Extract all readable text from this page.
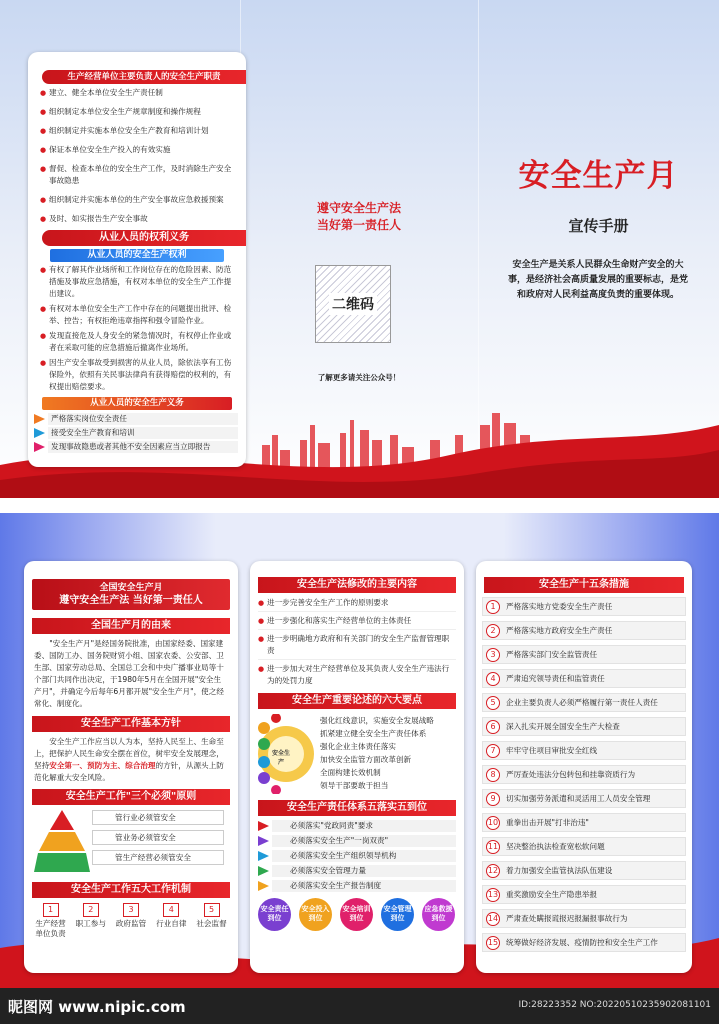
生产经营单位主要负责人的安全生产职责
● 建立、健全本单位安全生产责任制
● 组织制定本单位安全生产规章制度和操作规程
● 组织制定并实施本单位安全生产教育和培训计划
● 保证本单位安全生产投入的有效实施
● 督促、检查本单位的安全生产工作，及时消除生产安全事故隐患
● 组织制定并实施本单位的生产安全事故应急救援预案
● 及时、如实报告生产安全事故
从业人员的权利义务
从业人员的安全生产权利
● 有权了解其作业场所和工作岗位存在的危险因素、防范措施及事故应急措施，有权对本单位的安全生产工作提出建议。
● 有权对本单位安全生产工作中存在的问题提出批评、检举、控告；有权拒绝违章指挥和强令冒险作业。
● 发现直接危及人身安全的紧急情况时，有权停止作业或者在采取可能的应急措施后撤离作业场所。
● 因生产安全事故受到损害的从业人员，除依法享有工伤保险外，依照有关民事法律尚有获得赔偿的权利的，有权提出赔偿要求。
从业人员的安全生产义务
严格落实岗位安全责任
接受安全生产教育和培训
发现事故隐患或者其他不安全因素应当立即报告
遵守安全生产法
当好第一责任人
二维码
了解更多请关注公众号！
安全生产月
宣传手册
安全生产是关系人民群众生命财产安全的大事，是经济社会高质量发展的重要标志，是党和政府对人民利益高度负责的重要体现。
全国安全生产月
遵守安全生产法 当好第一责任人
全国生产月的由来
"安全生产月"是经国务院批准，由国家经委、国家建委、国防工办、国务院财贸小组、国家农委、公安部、卫生部、国家劳动总局、全国总工会和中央广播事业局等十个部门共同作出决定，于1980年5月在全国开展"安全生产月"，并确定今后每年6月都开展"安全生产月"，使之经常化、制度化。
安全生产工作基本方针
安全生产工作应当以人为本，坚持人民至上、生命至上，把保护人民生命安全摆在首位，树牢安全发展理念，坚持安全第一、预防为主、综合治理的方针，从源头上防范化解重大安全风险。
安全生产工作"三个必须"原则
管行业必须管安全
管业务必须管安全
管生产经营必须管安全
安全生产工作五大工作机制
1
生产经营单位负责
2
职工参与
3
政府监管
4
行业自律
5
社会监督
安全生产法修改的主要内容
● 进一步完善安全生产工作的原则要求
● 进一步强化和落实生产经营单位的主体责任
● 进一步明确地方政府和有关部门的安全生产监督管理职责
● 进一步加大对生产经营单位及其负责人安全生产违法行为的处罚力度
安全生产重要论述的六大要点
安全生产
强化红线意识，实施安全发展战略
抓紧建立健全安全生产责任体系
强化企业主体责任落实
加快安全监管方面改革创新
全面构建长效机制
领导干部要敢于担当
安全生产责任体系五落实五到位
必须落实"党政同责"要求
必须落实安全生产"一岗双责"
必须落实安全生产组织领导机构
必须落实安全管理力量
必须落实安全生产报告制度
安全责任到位
安全投入到位
安全培训到位
安全管理到位
应急救援到位
安全生产十五条措施
1	严格落实地方党委安全生产责任
2	严格落实地方政府安全生产责任
3	严格落实部门安全监管责任
4	严肃追究领导责任和监管责任
5	企业主要负责人必须严格履行第一责任人责任
6	深入扎实开展全国安全生产大检查
7	牢牢守住项目审批安全红线
8	严厉查处违法分包转包和挂靠资质行为
9	切实加强劳务派遣和灵活用工人员安全管理
10 重拳出击开展"打非治违"
11 坚决整治执法检查宽松软问题
12 着力加强安全监管执法队伍建设
13 重奖激励安全生产隐患举报
14 严肃查处瞒报谎报迟报漏报事故行为
15 统筹做好经济发展、疫情防控和安全生产工作
昵图网 www.nipic.com	ID:28223352 NO:20220510235902081101
